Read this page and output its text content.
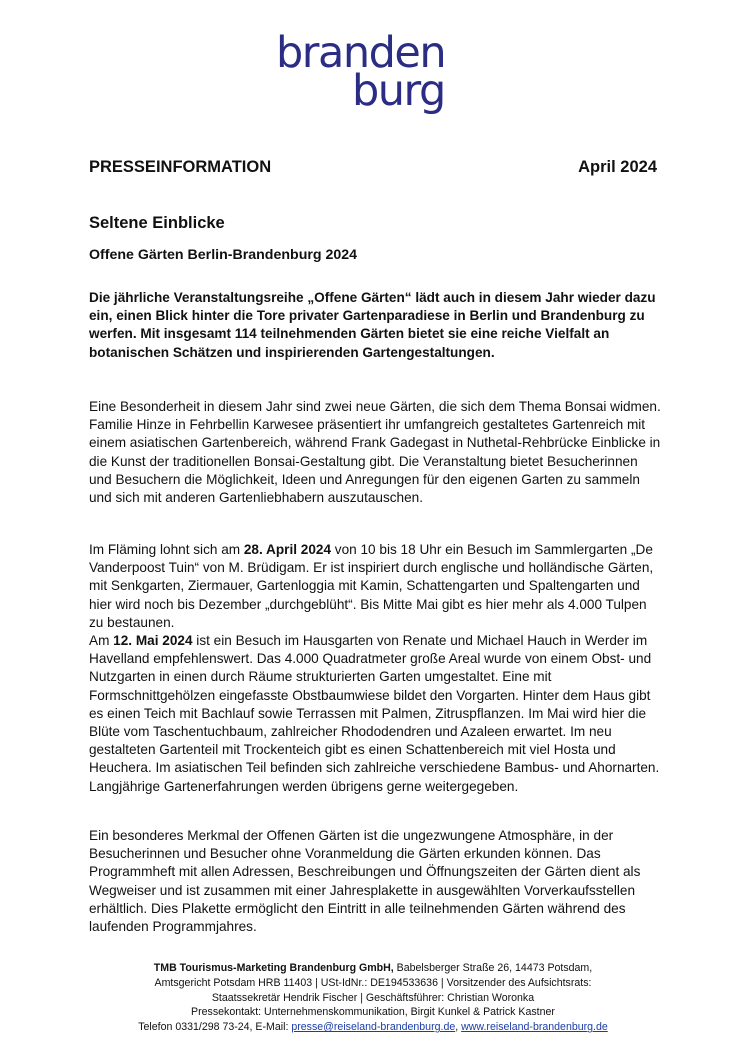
branden
burg
PRESSEINFORMATION	April 2024
Seltene Einblicke
Offene Gärten Berlin-Brandenburg 2024
Die jährliche Veranstaltungsreihe „Offene Gärten“ lädt auch in diesem Jahr wieder dazu ein, einen Blick hinter die Tore privater Gartenparadiese in Berlin und Brandenburg zu werfen. Mit insgesamt 114 teilnehmenden Gärten bietet sie eine reiche Vielfalt an botanischen Schätzen und inspirierenden Gartengestaltungen.
Eine Besonderheit in diesem Jahr sind zwei neue Gärten, die sich dem Thema Bonsai widmen. Familie Hinze in Fehrbellin Karwesee präsentiert ihr umfangreich gestaltetes Gartenreich mit einem asiatischen Gartenbereich, während Frank Gadegast in Nuthetal-Rehbrücke Einblicke in die Kunst der traditionellen Bonsai-Gestaltung gibt. Die Veranstaltung bietet Besucherinnen und Besuchern die Möglichkeit, Ideen und Anregungen für den eigenen Garten zu sammeln und sich mit anderen Gartenliebhabern auszutauschen.
Im Fläming lohnt sich am 28. April 2024 von 10 bis 18 Uhr ein Besuch im Sammlergarten „De Vanderpoost Tuin“ von M. Brüdigam. Er ist inspiriert durch englische und holländische Gärten, mit Senkgarten, Ziermauer, Gartenloggia mit Kamin, Schattengarten und Spaltengarten und hier wird noch bis Dezember „durchgeblüht“. Bis Mitte Mai gibt es hier mehr als 4.000 Tulpen zu bestaunen.
Am 12. Mai 2024 ist ein Besuch im Hausgarten von Renate und Michael Hauch in Werder im Havelland empfehlenswert. Das 4.000 Quadratmeter große Areal wurde von einem Obst- und Nutzgarten in einen durch Räume strukturierten Garten umgestaltet. Eine mit Formschnittgehölzen eingefasste Obstbaumwiese bildet den Vorgarten. Hinter dem Haus gibt es einen Teich mit Bachlauf sowie Terrassen mit Palmen, Zitruspflanzen. Im Mai wird hier die Blüte vom Taschentuchbaum, zahlreicher Rhododendren und Azaleen erwartet. Im neu gestalteten Gartenteil mit Trockenteich gibt es einen Schattenbereich mit viel Hosta und Heuchera. Im asiatischen Teil befinden sich zahlreiche verschiedene Bambus- und Ahornarten. Langjährige Gartenerfahrungen werden übrigens gerne weitergegeben.
Ein besonderes Merkmal der Offenen Gärten ist die ungezwungene Atmosphäre, in der Besucherinnen und Besucher ohne Voranmeldung die Gärten erkunden können. Das Programmheft mit allen Adressen, Beschreibungen und Öffnungszeiten der Gärten dient als Wegweiser und ist zusammen mit einer Jahresplakette in ausgewählten Vorverkaufsstellen erhältlich. Dies Plakette ermöglicht den Eintritt in alle teilnehmenden Gärten während des laufenden Programmjahres.
TMB Tourismus-Marketing Brandenburg GmbH, Babelsberger Straße 26, 14473 Potsdam,
Amtsgericht Potsdam HRB 11403 | USt-IdNr.: DE194533636 | Vorsitzender des Aufsichtsrats:
Staatssekretär Hendrik Fischer | Geschäftsführer: Christian Woronka
Pressekontakt: Unternehmenskommunikation, Birgit Kunkel & Patrick Kastner
Telefon 0331/298 73-24, E-Mail: presse@reiseland-brandenburg.de, www.reiseland-brandenburg.de
